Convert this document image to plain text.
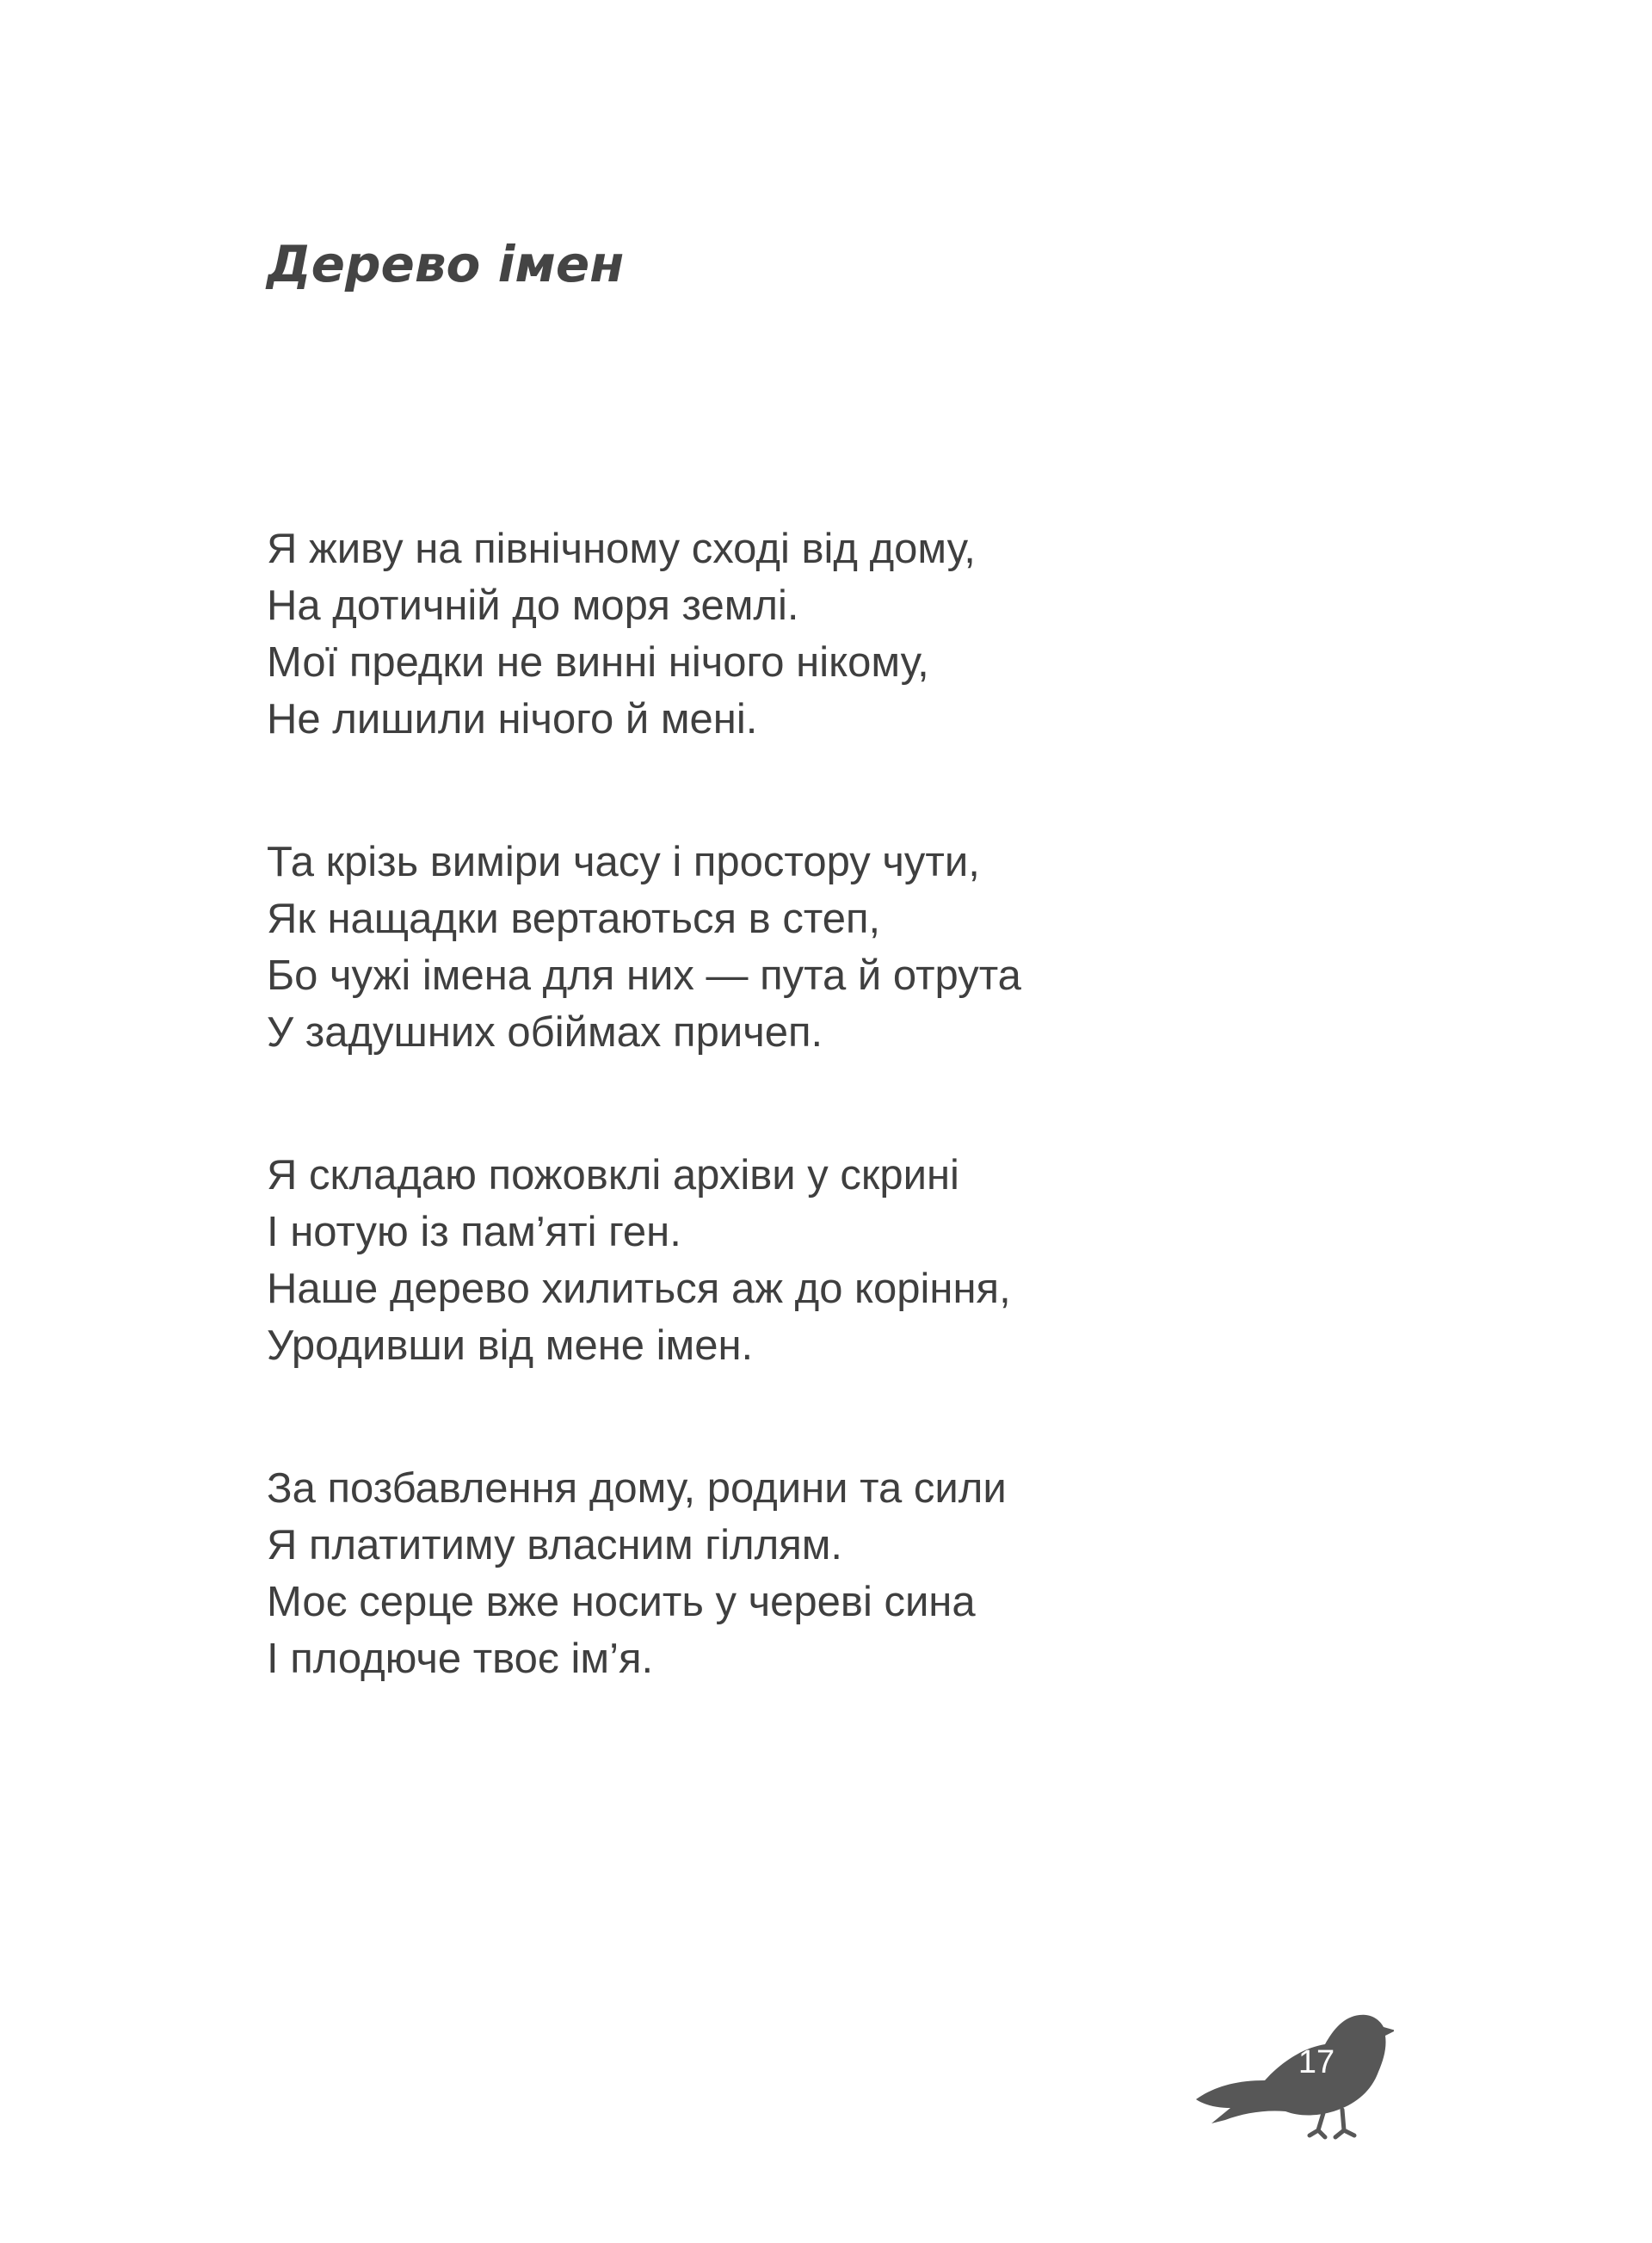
Дерево імен
Я живу на північному сході від дому,
На дотичній до моря землі.
Мої предки не винні нічого нікому,
Не лишили нічого й мені.
Та крізь виміри часу і простору чути,
Як нащадки вертаються в степ,
Бо чужі імена для них — пута й отрута
У задушних обіймах причеп.
Я складаю пожовклі архіви у скрині
І нотую із пам’яті ген.
Наше дерево хилиться аж до коріння,
Уродивши від мене імен.
За позбавлення дому, родини та сили
Я платитиму власним гіллям.
Моє серце вже носить у череві сина
І плодюче твоє ім’я.
17
